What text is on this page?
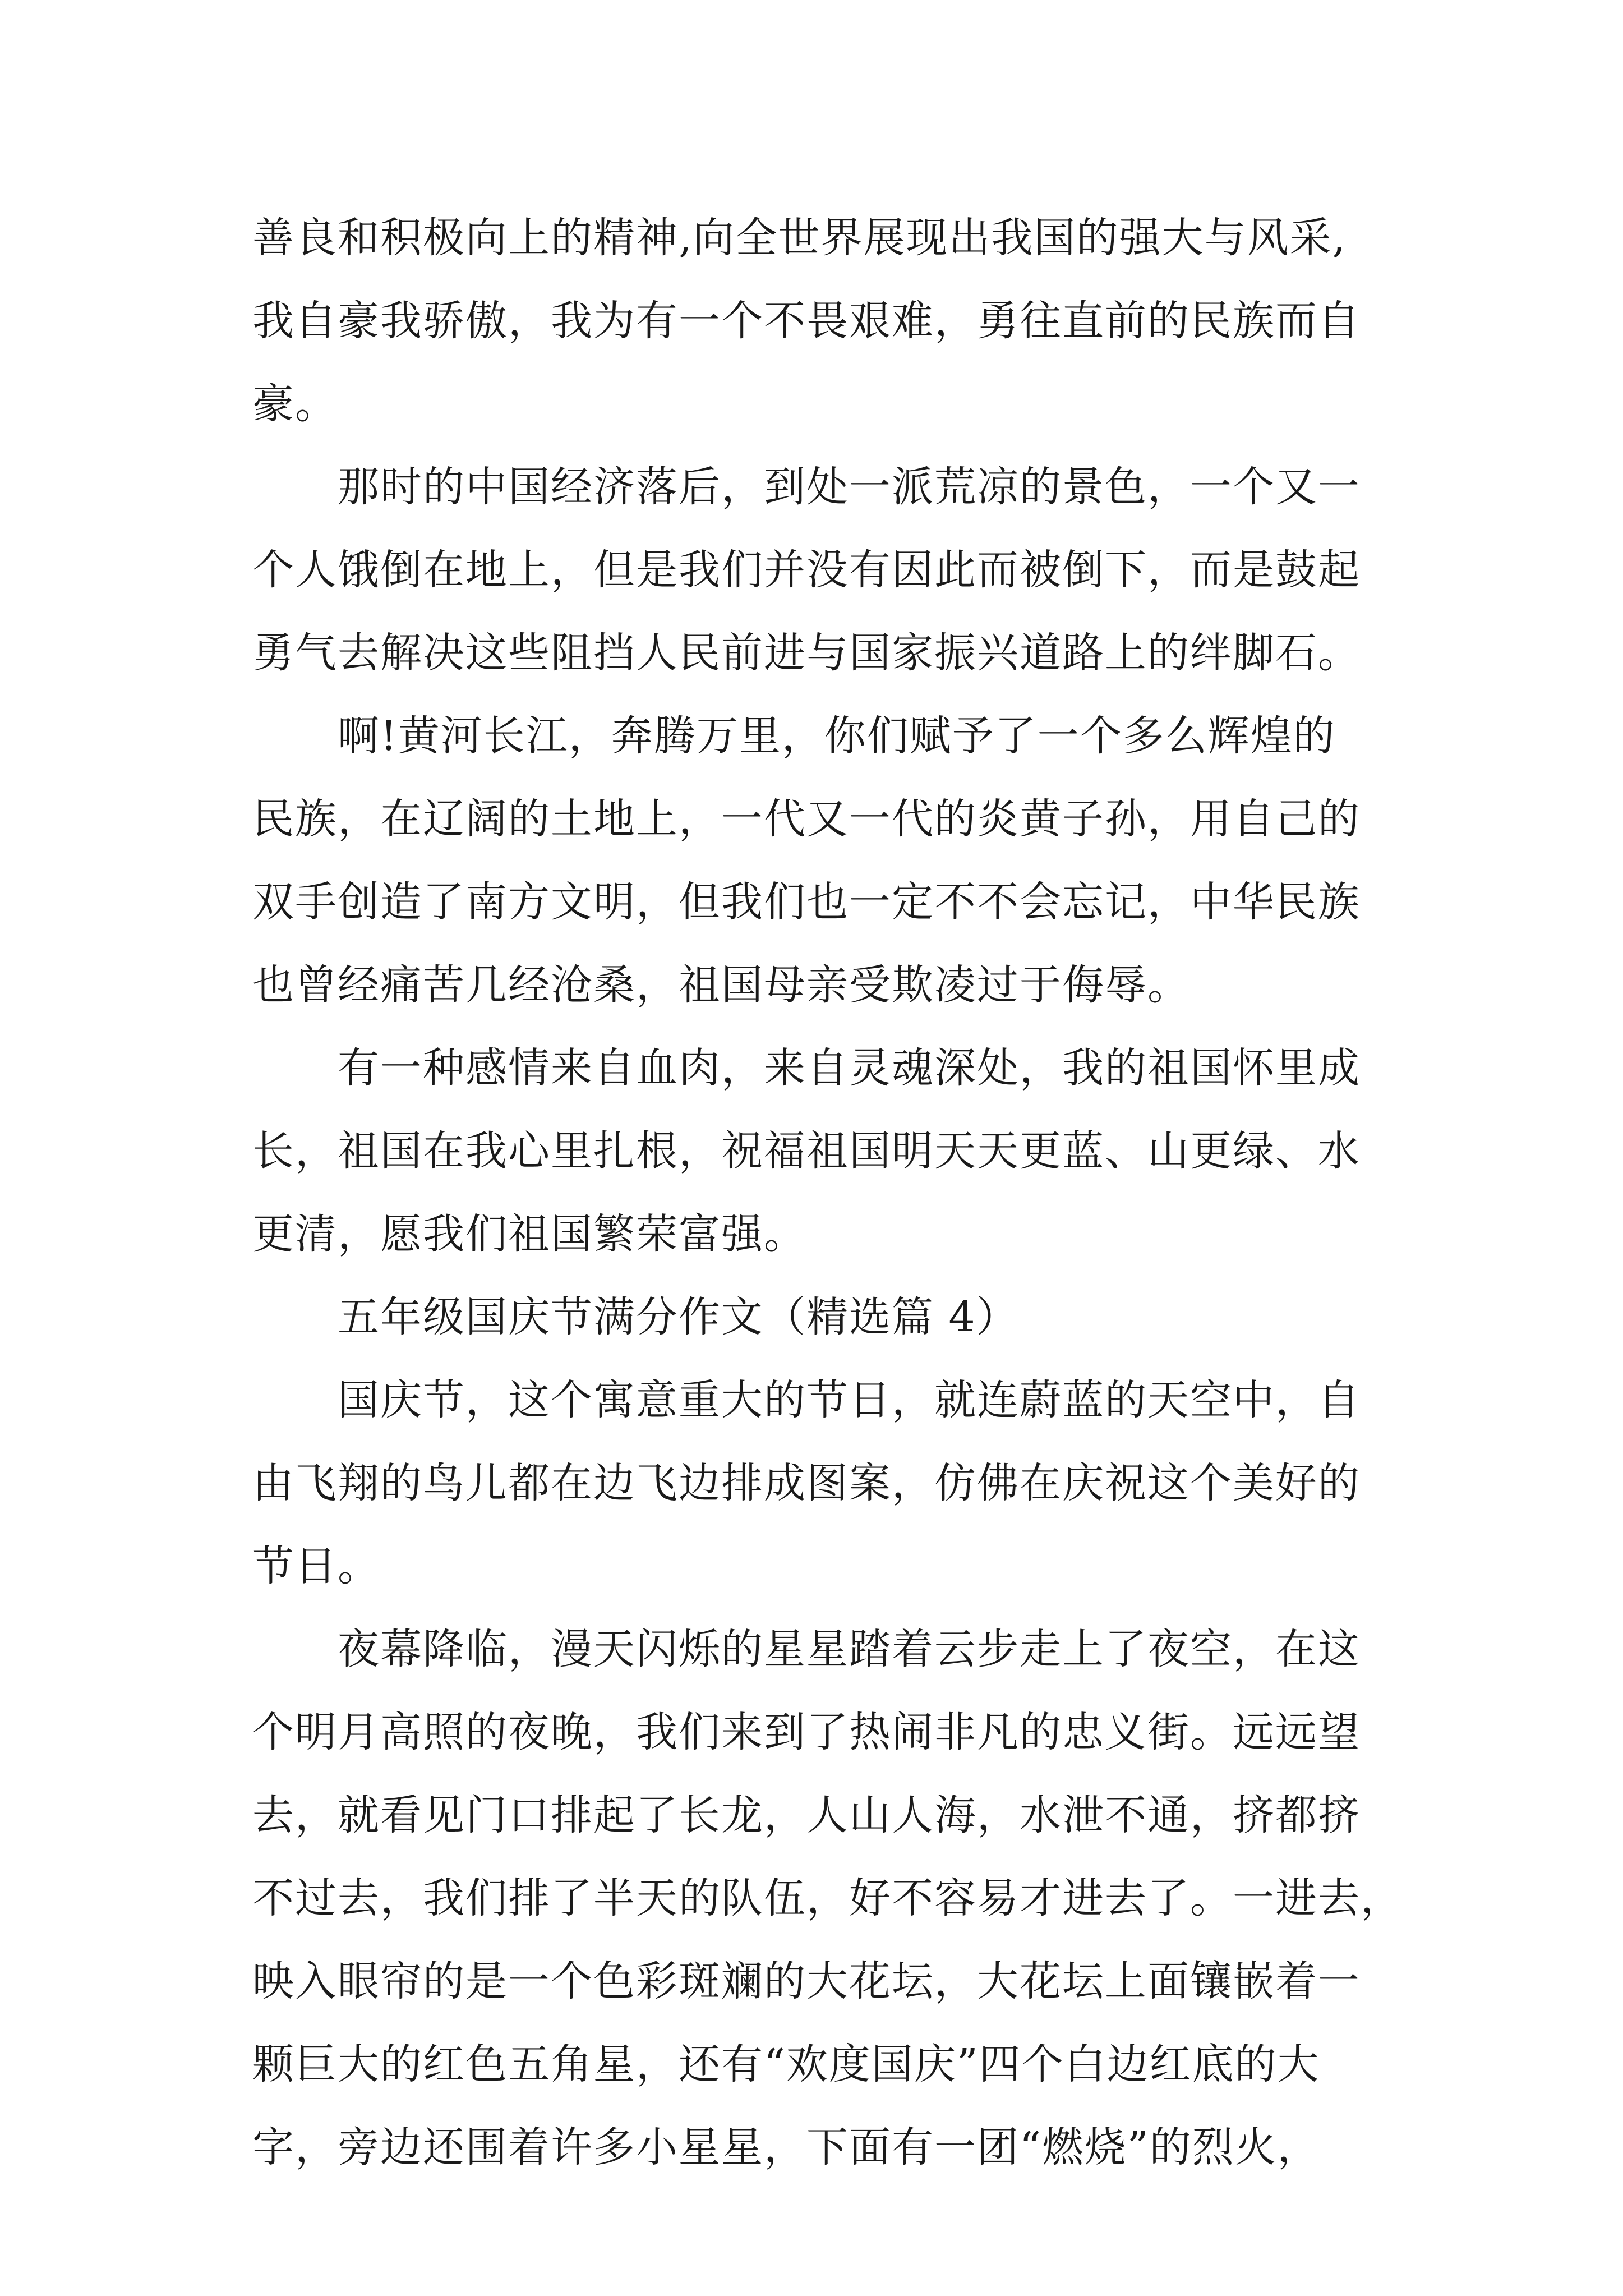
善良和积极向上的精神,向全世界展现出我国的强大与风采,
我自豪我骄傲，我为有一个不畏艰难，勇往直前的民族而自
豪。
那时的中国经济落后，到处一派荒凉的景色，一个又一
个人饿倒在地上，但是我们并没有因此而被倒下，而是鼓起
勇气去解决这些阻挡人民前进与国家振兴道路上的绊脚石。
啊!黄河长江，奔腾万里，你们赋予了一个多么辉煌的
民族，在辽阔的土地上，一代又一代的炎黄子孙，用自己的
双手创造了南方文明，但我们也一定不不会忘记，中华民族
也曾经痛苦几经沧桑，祖国母亲受欺凌过于侮辱。
有一种感情来自血肉，来自灵魂深处，我的祖国怀里成
长，祖国在我心里扎根，祝福祖国明天天更蓝、山更绿、水
更清，愿我们祖国繁荣富强。
五年级国庆节满分作文（精选篇 4）
国庆节，这个寓意重大的节日，就连蔚蓝的天空中，自
由飞翔的鸟儿都在边飞边排成图案，仿佛在庆祝这个美好的
节日。
夜幕降临，漫天闪烁的星星踏着云步走上了夜空，在这
个明月高照的夜晚，我们来到了热闹非凡的忠义街。远远望
去，就看见门口排起了长龙，人山人海，水泄不通，挤都挤
不过去，我们排了半天的队伍，好不容易才进去了。一进去，
映入眼帘的是一个色彩斑斓的大花坛，大花坛上面镶嵌着一
颗巨大的红色五角星，还有“欢度国庆”四个白边红底的大
字，旁边还围着许多小星星，下面有一团“燃烧”的烈火，
